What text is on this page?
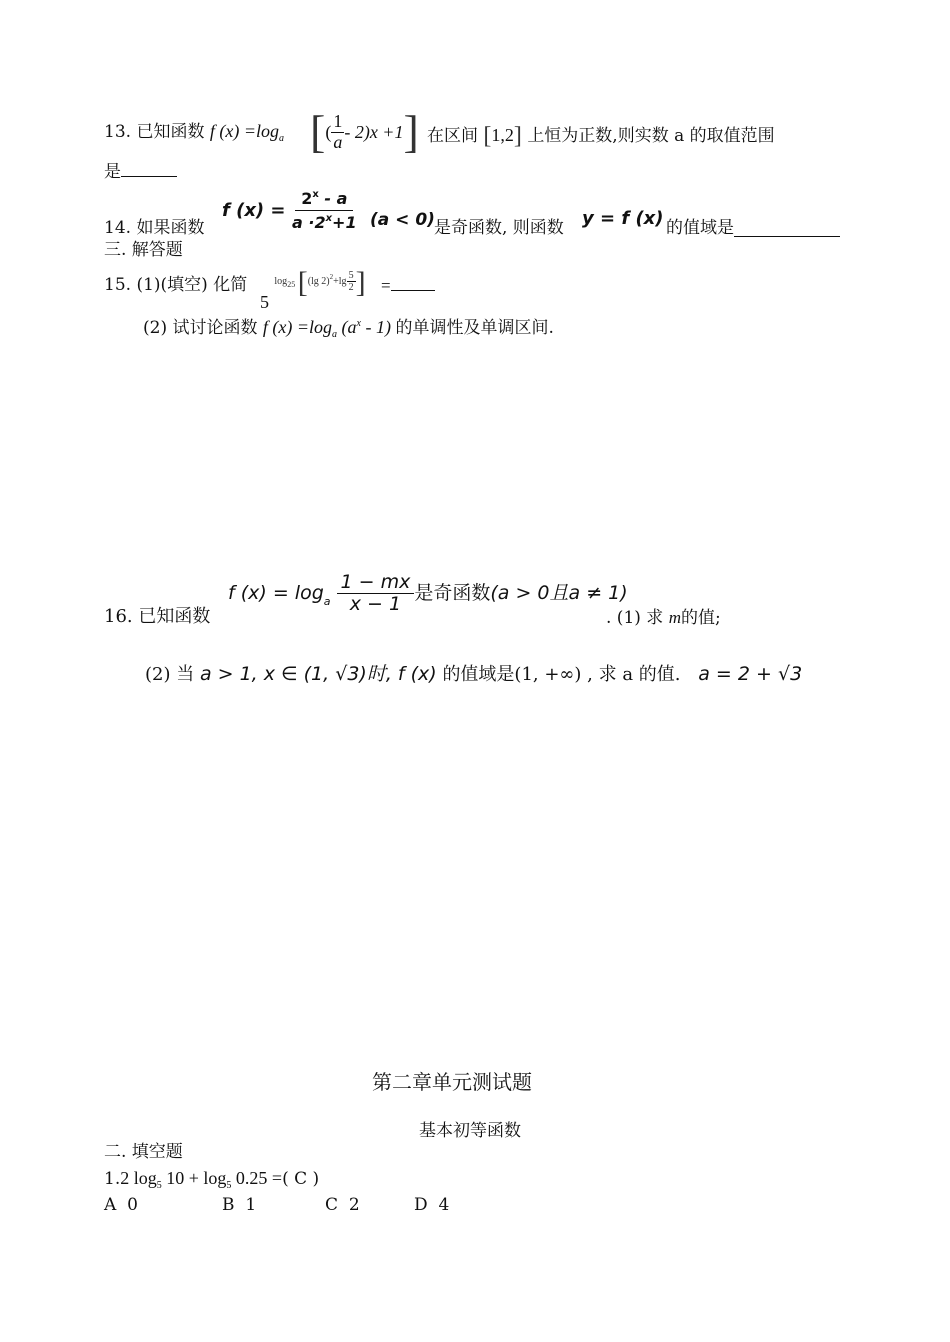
13. 已知函数 f $(x) =\log_a$ [ ( $\frac{1}{a} - 2)x +1$ ] 在区间 [1,2] 上恒为正数,则实数 a 的取值范围
是
14. 如果函数
f $(x) = \frac{2^x - a}{a \cdot 2^x+1} (a < 0)$ 是奇函数, 则函数 y = f (x) 的值域是
三. 解答题
15. (1)(填空) 化简
5 $\log_{25} [(\lg$ $2)^2+\lg \frac{5}{2}$ ] =
(2) 试讨论函数 f $(x) =\log_a$ $(a^x - 1)$ 的单调性及单调区间.
16. 已知函数
f (x) = log a $\frac{1 - mx}{x - 1}$ 是奇函数 (a > 0且a ≠ 1)
. (1) 求 m的值;
(2) 当 a > 1, x ∈ (1, √3)时, f (x) 的值域是(1, +∞) , 求 a 的值. a = 2 + √3
第二章单元测试题
基本初等函数
二. 填空题
1.2 $\log_5 10 + \log_5 0.25$ =( C )
A 0	B 1	C 2	D 4
